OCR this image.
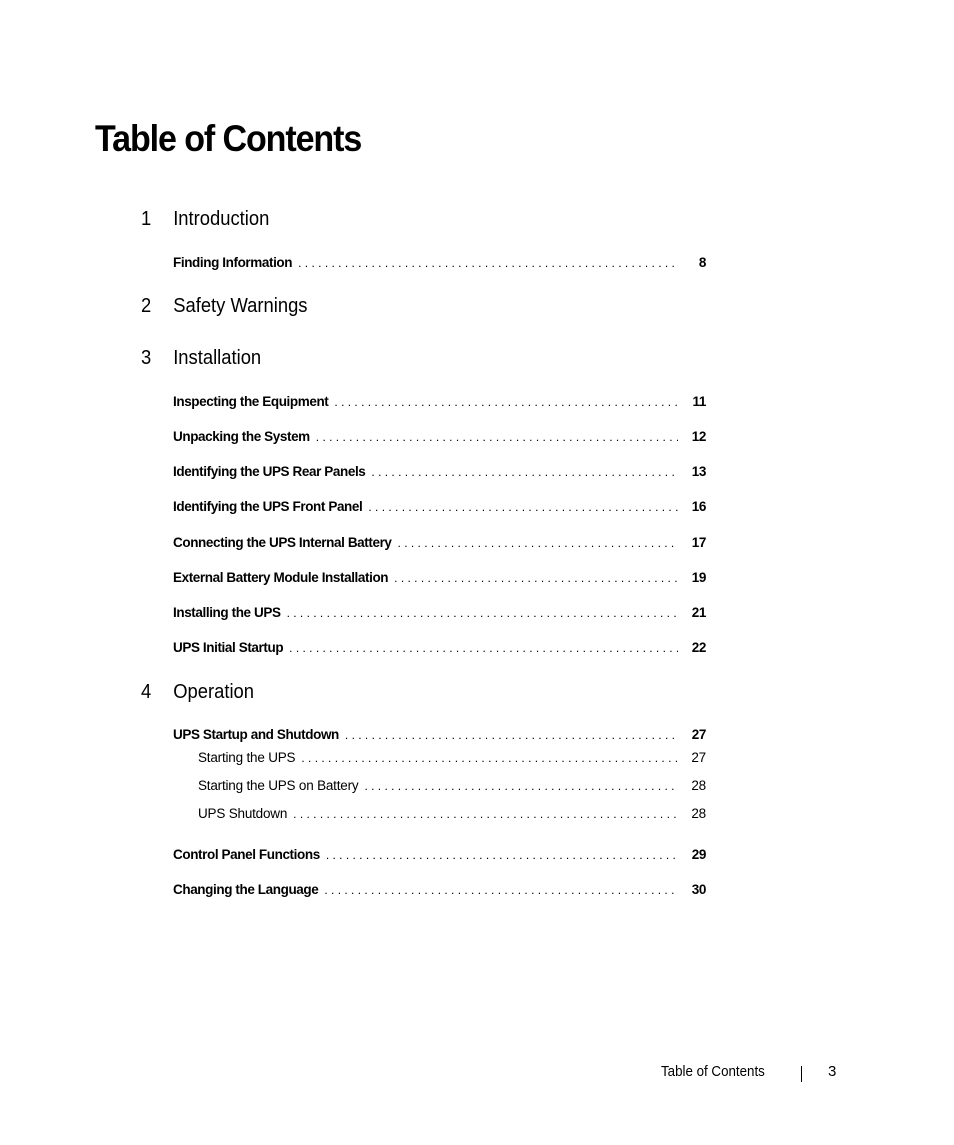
Table of Contents
1	Introduction
Finding Information . . .	8
2	Safety Warnings
3	Installation
Inspecting the Equipment . . .	11
Unpacking the System . . .	12
Identifying the UPS Rear Panels . . .	13
Identifying the UPS Front Panel . . .	16
Connecting the UPS Internal Battery . . .	17
External Battery Module Installation . . .	19
Installing the UPS . . .	21
UPS Initial Startup . . .	22
4	Operation
UPS Startup and Shutdown . . .	27
Starting the UPS . . .	27
Starting the UPS on Battery . . .	28
UPS Shutdown . . .	28
Control Panel Functions . . .	29
Changing the Language . . .	30
Table of Contents	3
